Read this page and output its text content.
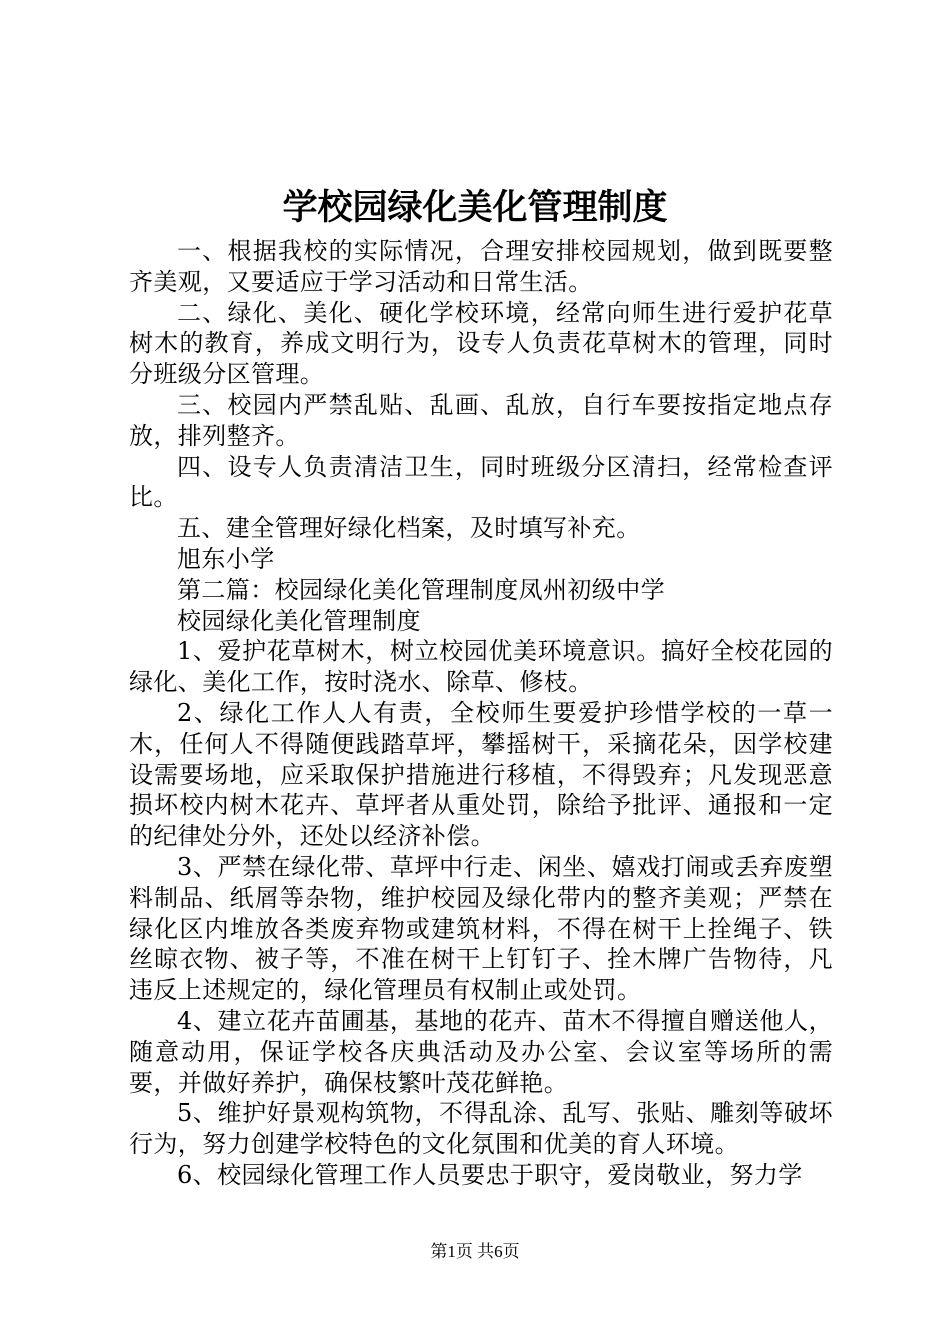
学校园绿化美化管理制度

一、根据我校的实际情况，合理安排校园规划，做到既要整齐美观，又要适应于学习活动和日常生活。

二、绿化、美化、硬化学校环境，经常向师生进行爱护花草树木的教育，养成文明行为，设专人负责花草树木的管理，同时分班级分区管理。

三、校园内严禁乱贴、乱画、乱放，自行车要按指定地点存放，排列整齐。

四、设专人负责清洁卫生，同时班级分区清扫，经常检查评比。

五、建全管理好绿化档案，及时填写补充。

旭东小学

第二篇：校园绿化美化管理制度凤州初级中学

校园绿化美化管理制度

1、爱护花草树木，树立校园优美环境意识。搞好全校花园的绿化、美化工作，按时浇水、除草、修枝。

2、绿化工作人人有责，全校师生要爱护珍惜学校的一草一木，任何人不得随便践踏草坪，攀摇树干，采摘花朵，因学校建设需要场地，应采取保护措施进行移植，不得毁弃；凡发现恶意损坏校内树木花卉、草坪者从重处罚，除给予批评、通报和一定的纪律处分外，还处以经济补偿。

3、严禁在绿化带、草坪中行走、闲坐、嬉戏打闹或丢弃废塑料制品、纸屑等杂物，维护校园及绿化带内的整齐美观；严禁在绿化区内堆放各类废弃物或建筑材料，不得在树干上拴绳子、铁丝晾衣物、被子等，不准在树干上钉钉子、拴木牌广告物待，凡违反上述规定的，绿化管理员有权制止或处罚。

4、建立花卉苗圃基，基地的花卉、苗木不得擅自赠送他人，随意动用，保证学校各庆典活动及办公室、会议室等场所的需要，并做好养护，确保枝繁叶茂花鲜艳。

5、维护好景观构筑物，不得乱涂、乱写、张贴、雕刻等破坏行为，努力创建学校特色的文化氛围和优美的育人环境。

6、校园绿化管理工作人员要忠于职守，爱岗敬业，努力学

第1页 共6页
